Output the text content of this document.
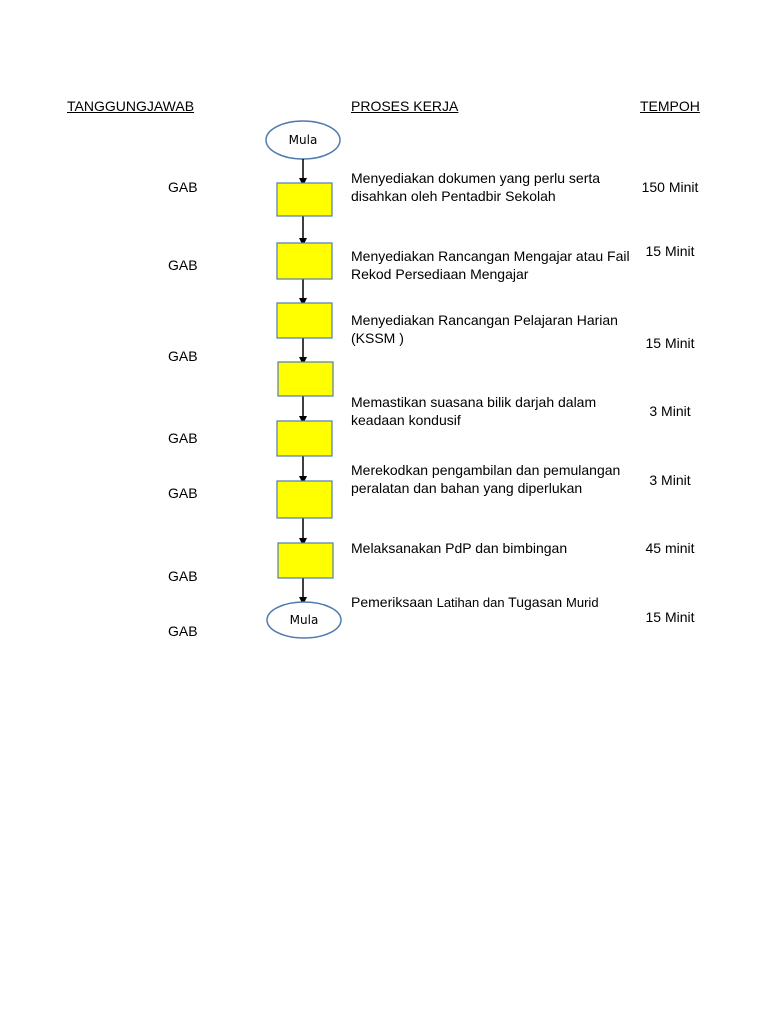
TANGGUNGJAWAB	PROSES KERJA	TEMPOH
Mula
Mula
GAB
GAB
GAB
GAB
GAB
GAB
GAB
Menyediakan dokumen yang perlu serta disahkan oleh Pentadbir Sekolah
Menyediakan Rancangan Mengajar atau Fail Rekod Persediaan Mengajar
Menyediakan Rancangan Pelajaran Harian (KSSM )
Memastikan suasana bilik darjah dalam keadaan kondusif
Merekodkan pengambilan dan pemulangan peralatan dan bahan yang diperlukan
Melaksanakan PdP dan bimbingan
Pemeriksaan Latihan dan Tugasan Murid
150 Minit
15 Minit
15 Minit
3 Minit
3 Minit
45 minit
15 Minit
